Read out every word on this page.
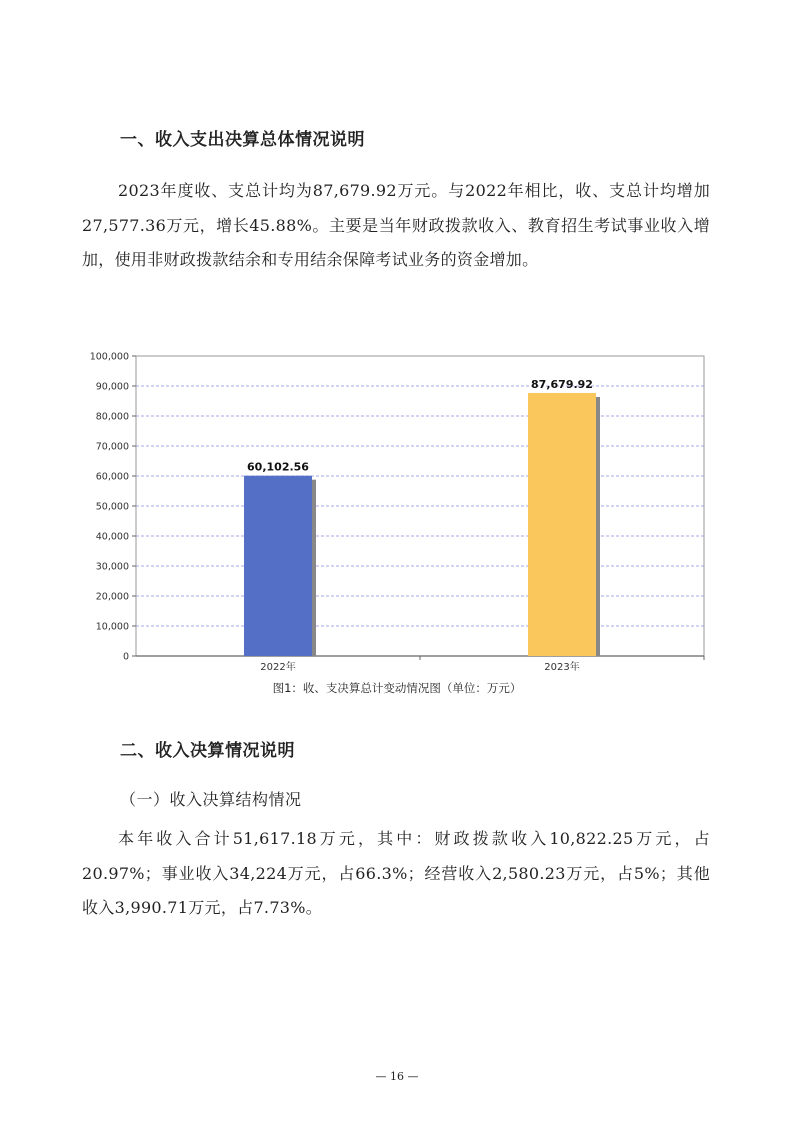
一、收入支出决算总体情况说明
2023年度收、支总计均为87,679.92万元。与2022年相比，收、支总计均增加27,577.36万元，增长45.88%。主要是当年财政拨款收入、教育招生考试事业收入增加，使用非财政拨款结余和专用结余保障考试业务的资金增加。
0
10,000
20,000
30,000
40,000
50,000
60,000
70,000
80,000
90,000
100,000
60,102.56
2022年
87,679.92
2023年
图1：收、支决算总计变动情况图（单位：万元）
二、收入决算情况说明
（一）收入决算结构情况
本年收入合计51,617.18万元，其中：财政拨款收入10,822.25万元，占20.97%；事业收入34,224万元，占66.3%；经营收入2,580.23万元，占5%；其他收入3,990.71万元，占7.73%。
— 16 —
